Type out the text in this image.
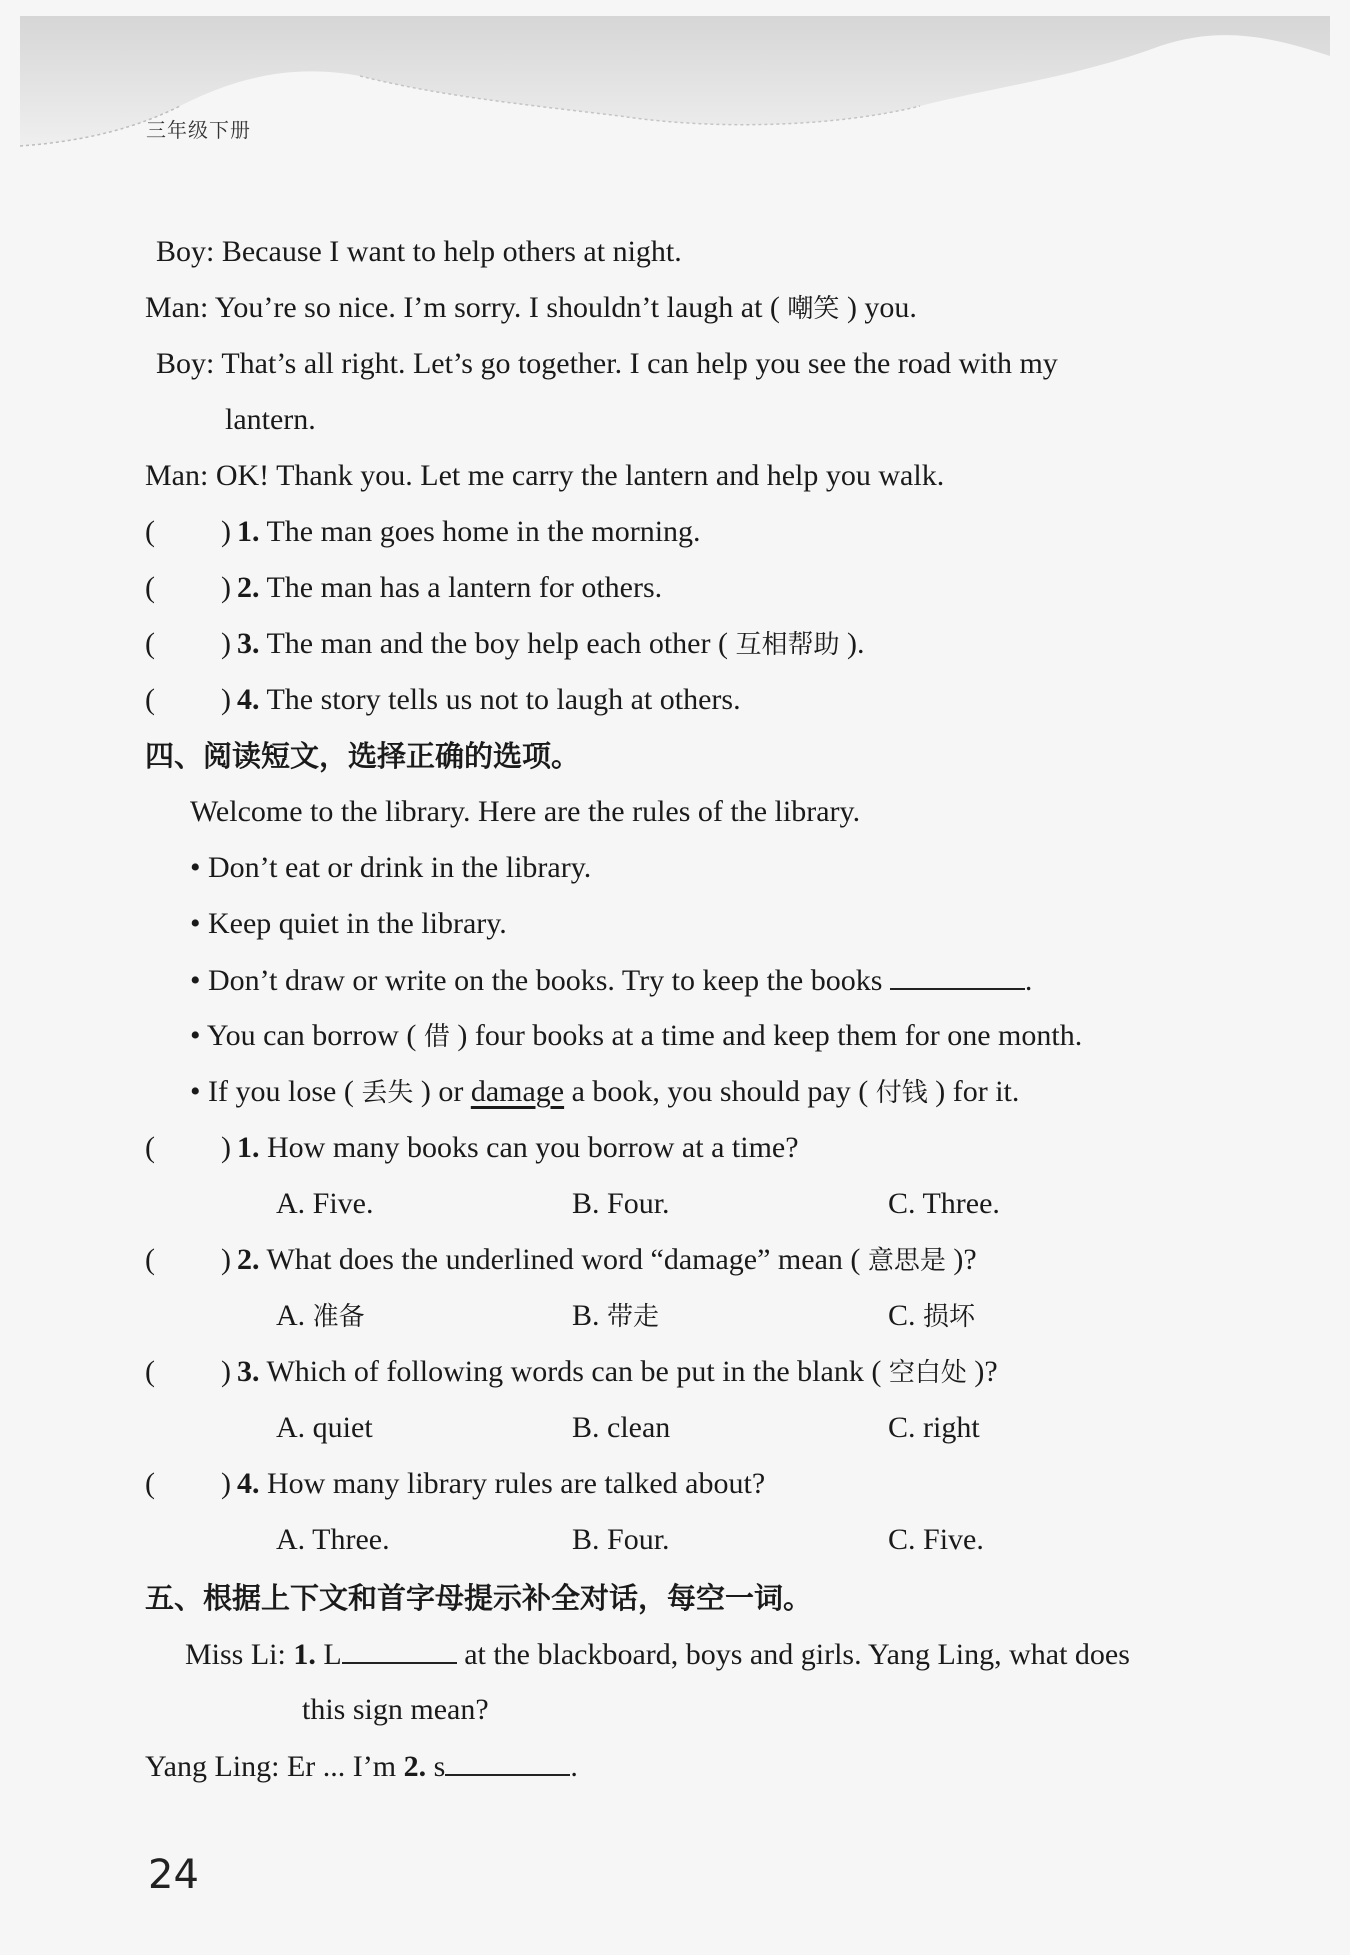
三年级下册
Boy: Because I want to help others at night.
Man: You’re so nice. I’m sorry. I shouldn’t laugh at ( 嘲笑 ) you.
Boy: That’s all right. Let’s go together. I can help you see the road with my
lantern.
Man: OK! Thank you. Let me carry the lantern and help you walk.
( ) 1. The man goes home in the morning.
( ) 2. The man has a lantern for others.
( ) 3. The man and the boy help each other ( 互相帮助 ).
( ) 4. The story tells us not to laugh at others.
四、阅读短文，选择正确的选项。
Welcome to the library. Here are the rules of the library.
• Don’t eat or drink in the library.
• Keep quiet in the library.
• Don’t draw or write on the books. Try to keep the books	.
• You can borrow ( 借 ) four books at a time and keep them for one month.
• If you lose ( 丢失 ) or damage a book, you should pay ( 付钱 ) for it.
( ) 1. How many books can you borrow at a time?
A. Five.	B. Four.	C. Three.
( ) 2. What does the underlined word “damage” mean ( 意思是 )?
A. 准备	B. 带走	C. 损坏
( ) 3. Which of following words can be put in the blank ( 空白处 )?
A. quiet	B. clean	C. right
( ) 4. How many library rules are talked about?
A. Three.	B. Four.	C. Five.
五、根据上下文和首字母提示补全对话，每空一词。
Miss Li: 1. L	at the blackboard, boys and girls. Yang Ling, what does
this sign mean?
Yang Ling: Er ... I’m 2. s	.
24
